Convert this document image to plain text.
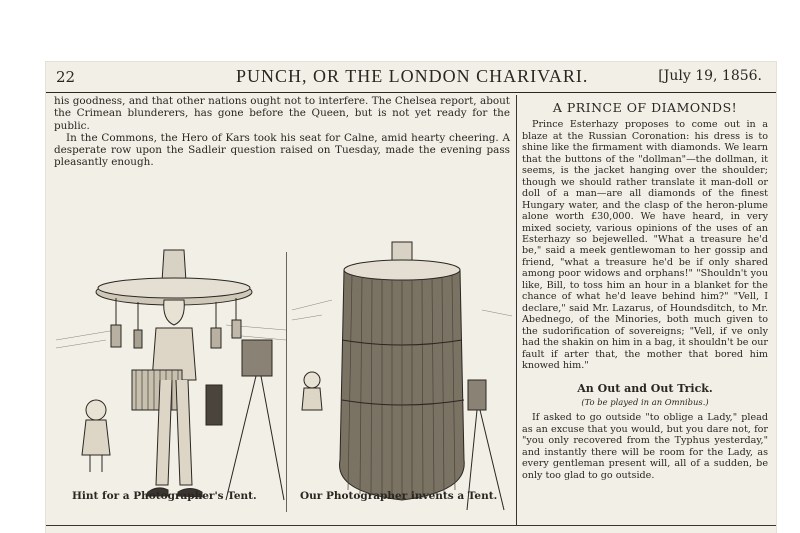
22	PUNCH, OR THE LONDON CHARIVARI.	[July 19, 1856.

his goodness, and that other nations ought not to interfere. The Chelsea report, about the Crimean blunderers, has gone before the Queen, but is not yet ready for the public.

In the Commons, the Hero of Kars took his seat for Calne, amid hearty cheering. A desperate row upon the Sadleir question raised on Tuesday, made the evening pass pleasantly enough.

A PRINCE OF DIAMONDS!

Prince Esterhazy proposes to come out in a blaze at the Russian Coronation: his dress is to shine like the firmament with diamonds. We learn that the buttons of the "dollman"—the dollman, it seems, is the jacket hanging over the shoulder; though we should rather translate it man-doll or doll of a man—are all diamonds of the finest Hungary water, and the clasp of the heron-plume alone worth £30,000. We have heard, in very mixed society, various opinions of the uses of an Esterhazy so bejewelled. "What a treasure he'd be," said a meek gentlewoman to her gossip and friend, "what a treasure he'd be if only shared among poor widows and orphans!" "Shouldn't you like, Bill, to toss him an hour in a blanket for the chance of what he'd leave behind him?" "Vell, I declare," said Mr. Lazarus, of Houndsditch, to Mr. Abednego, of the Minories, both much given to the sudorification of sovereigns; "Vell, if ve only had the shakin on him in a bag, it shouldn't be our fault if arter that, the mother that bored him knowed him."

An Out and Out Trick.
(To be played in an Omnibus.)

If asked to go outside "to oblige a Lady," plead as an excuse that you would, but you dare not, for "you only recovered from the Typhus yesterday," and instantly there will be room for the Lady, as every gentleman present will, all of a sudden, be only too glad to go outside.

Hint for a Photographer's Tent.	Our Photographer invents a Tent.
